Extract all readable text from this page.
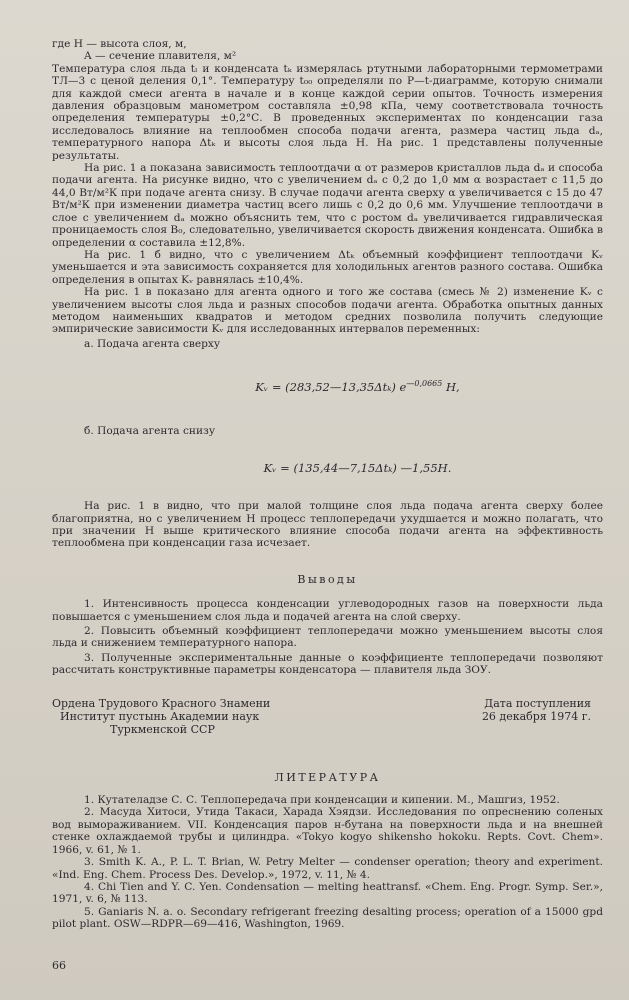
где H — высота слоя, м,

A — сечение плавителя, м²

Температура слоя льда tₗ и конденсата tₖ измерялась ртутными лабораторными термометрами ТЛ—3 с ценой деления 0,1°. Температуру t₀₀ определяли по P—t-диаграмме, которую снимали для каждой смеси агента в начале и в конце каждой серии опытов. Точность измерения давления образцовым манометром составляла ±0,98 кПа, чему соответствовала точность определения температуры ±0,2°С. В проведенных экспериментах по конденсации газа исследовалось влияние на теплообмен способа подачи агента, размера частиц льда dₐ, температурного напора Δtₖ и высоты слоя льда H. На рис. 1 представлены полученные результаты.

На рис. 1 а показана зависимость теплоотдачи α от размеров кристаллов льда dₐ и способа подачи агента. На рисунке видно, что с увеличением dₐ с 0,2 до 1,0 мм α возрастает с 11,5 до 44,0 Вт/м²К при подаче агента снизу. В случае подачи агента сверху α увеличивается с 15 до 47 Вт/м²К при изменении диаметра частиц всего лишь с 0,2 до 0,6 мм. Улучшение теплоотдачи в слое с увеличением dₐ можно объяснить тем, что с ростом dₐ увеличивается гидравлическая проницаемость слоя B₀, следовательно, увеличивается скорость движения конденсата. Ошибка в определении α составила ±12,8%.

На рис. 1 б видно, что с увеличением Δtₖ объемный коэффициент теплоотдачи Kᵥ уменьшается и эта зависимость сохраняется для холодильных агентов разного состава. Ошибка определения в опытах Kᵥ равнялась ±10,4%.

На рис. 1 в показано для агента одного и того же состава (смесь № 2) изменение Kᵥ с увеличением высоты слоя льда и разных способов подачи агента. Обработка опытных данных методом наименьших квадратов и методом средних позволила получить следующие эмпирические зависимости Kᵥ для исследованных интервалов переменных:

а. Подача агента сверху

Kᵥ = (283,52—13,35Δtₖ) $e^{—0,0665}$ H,

б. Подача агента снизу

Kᵥ = (135,44—7,15Δtₖ) —1,55H.

На рис. 1 в видно, что при малой толщине слоя льда подача агента сверху более благоприятна, но с увеличением H процесс теплопередачи ухудшается и можно полагать, что при значении H выше критического влияние способа подачи агента на эффективность теплообмена при конденсации газа исчезает.

Выводы

1. Интенсивность процесса конденсации углеводородных газов на поверхности льда повышается с уменьшением слоя льда и подачей агента на слой сверху.

2. Повысить объемный коэффициент теплопередачи можно уменьшением высоты слоя льда и снижением температурного напора.

3. Полученные экспериментальные данные о коэффициенте теплопередачи позволяют рассчитать конструктивные параметры конденсатора — плавителя льда ЗОУ.

Ордена Трудового Красного Знамени
Институт пустынь Академии наук
Туркменской ССР
Дата поступления
26 декабря 1974 г.
ЛИТЕРАТУРА

1. Кутателадзе С. С. Теплопередача при конденсации и кипении. М., Машгиз, 1952.

2. Масуда Хитоси, Утида Такаси, Харада Хэядзи. Исследования по опреснению соленых вод вымораживанием. VII. Конденсация паров н-бутана на поверхности льда и на внешней стенке охлаждаемой трубы и цилиндра. «Tokyo kogyo shikensho hokoku. Repts. Covt. Chem». 1966, v. 61, № 1.

3. Smith K. A., P. L. T. Brian, W. Petry Melter — condenser operation; theory and experiment. «Ind. Eng. Chem. Process Des. Develop.», 1972, v. 11, № 4.

4. Chi Tien and Y. C. Yen. Condensation — melting heattransf. «Chem. Eng. Progr. Symp. Ser.», 1971, v. 6, № 113.

5. Ganiaris N. a. o. Secondary refrigerant freezing desalting process; operation of a 15000 gpd pilot plant. OSW—RDPR—69—416, Washington, 1969.

66
